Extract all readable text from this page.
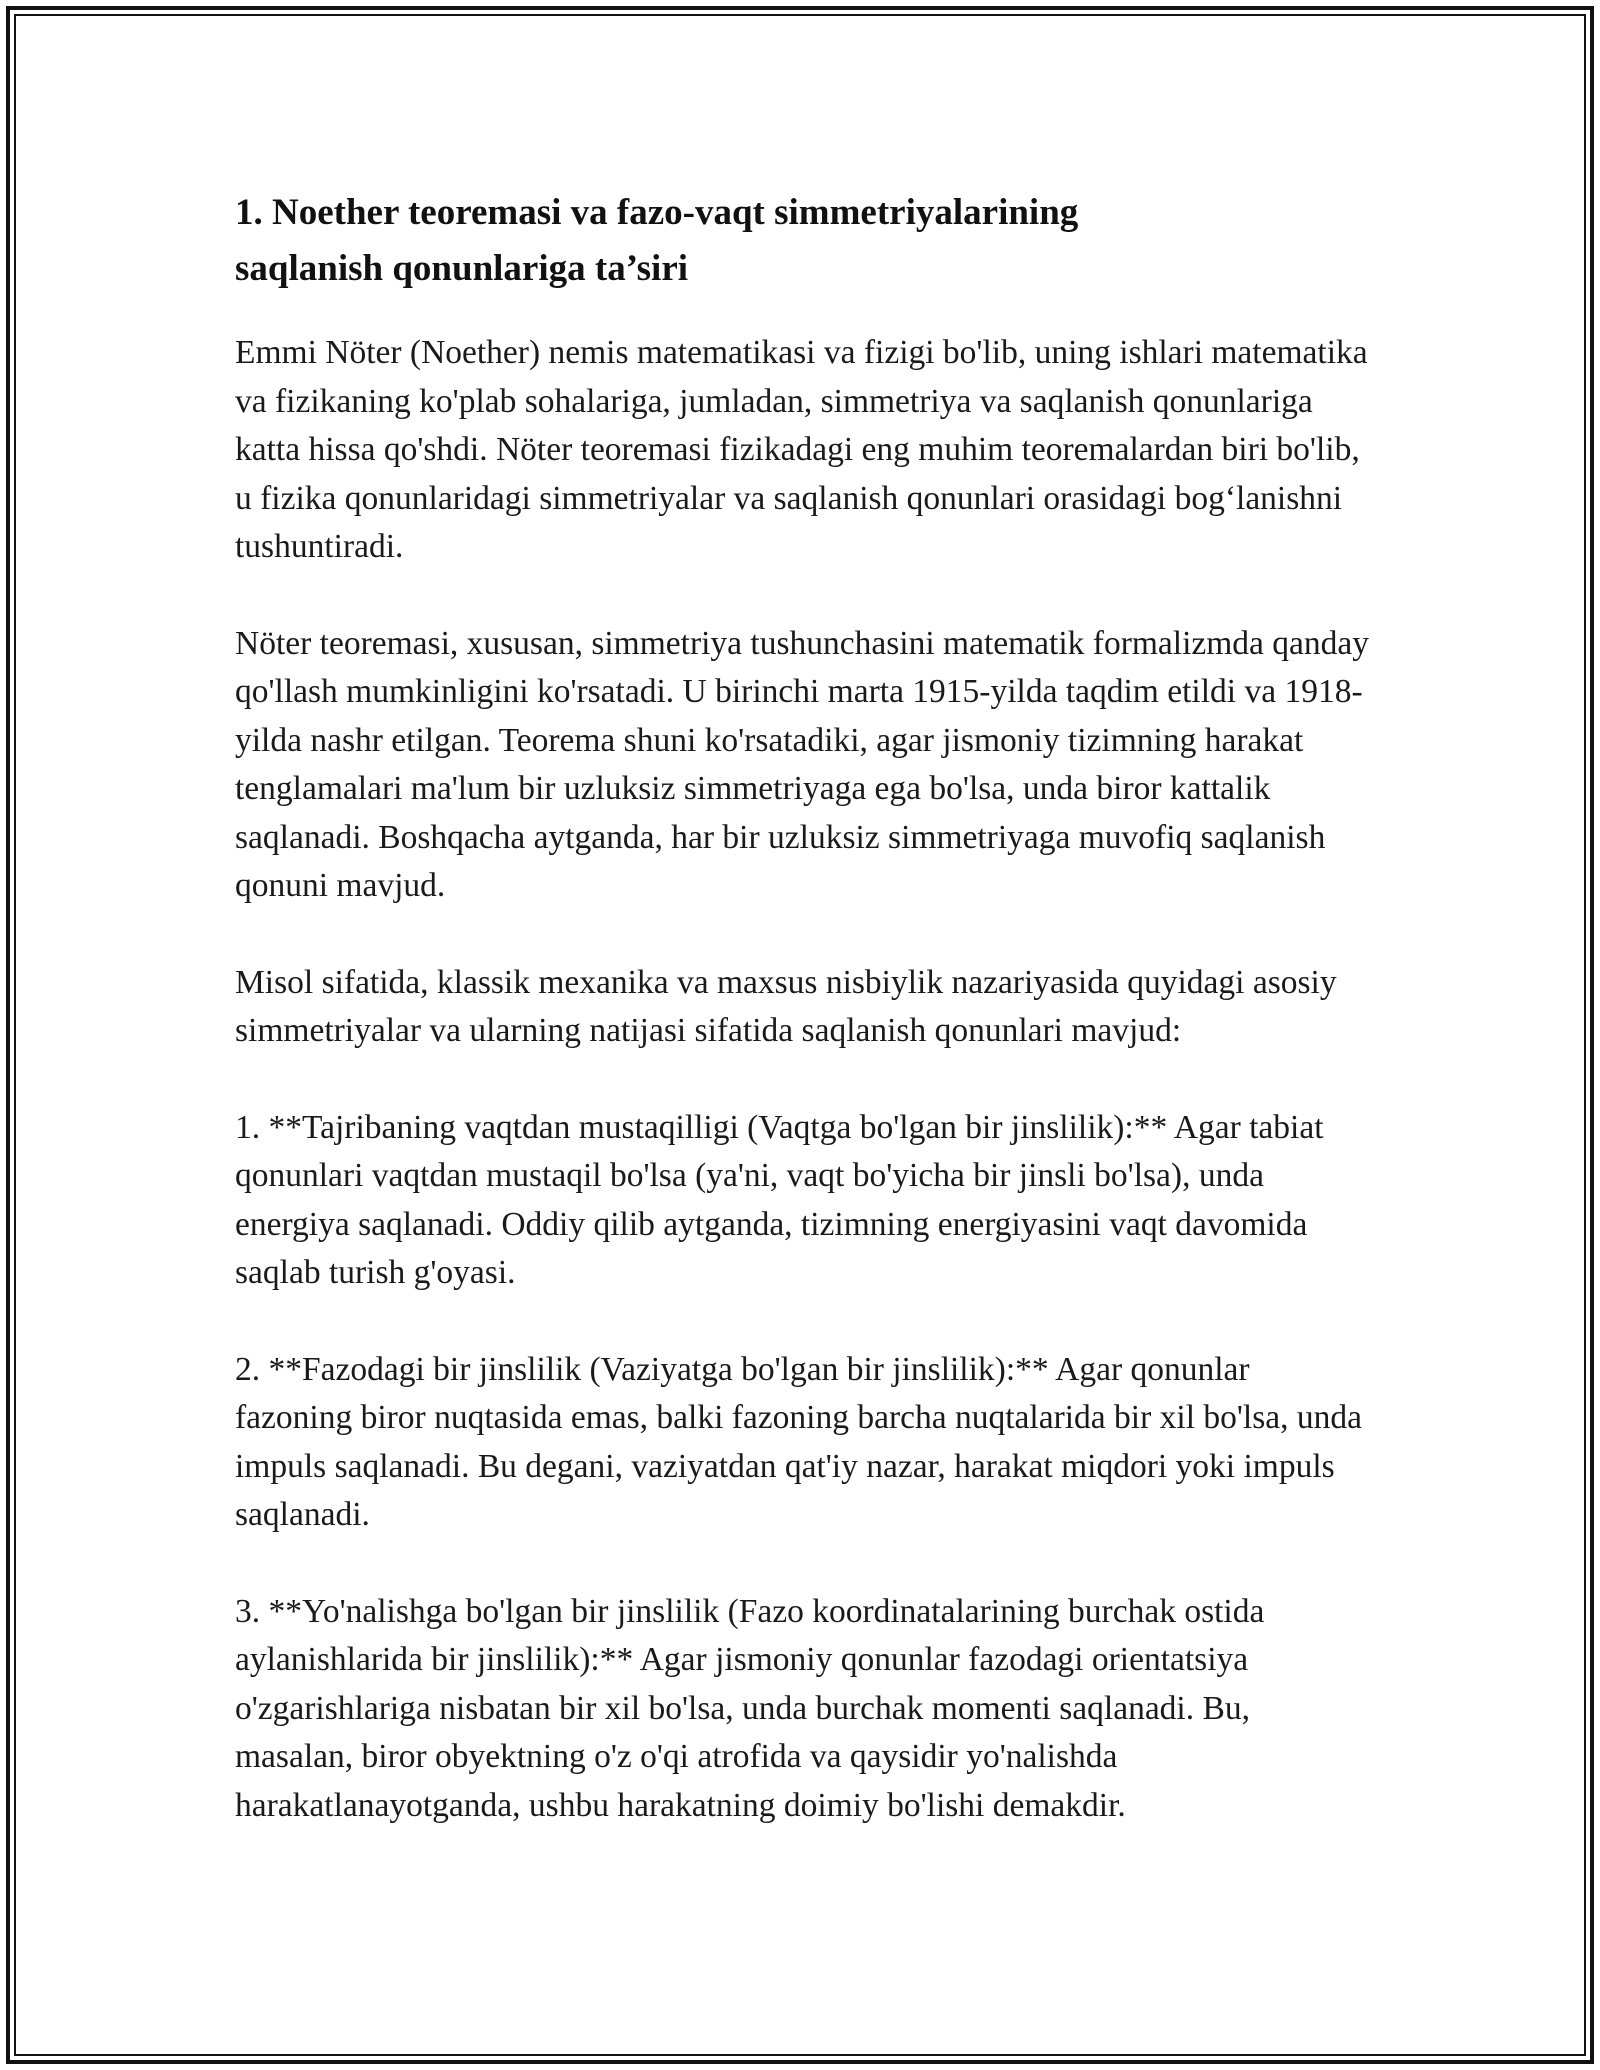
1. Noether teoremasi va fazo-vaqt simmetriyalarining
saqlanish qonunlariga ta’siri

Emmi Nöter (Noether) nemis matematikasi va fizigi bo'lib, uning ishlari matematika va fizikaning ko'plab sohalariga, jumladan, simmetriya va saqlanish qonunlariga katta hissa qo'shdi. Nöter teoremasi fizikadagi eng muhim teoremalardan biri bo'lib, u fizika qonunlaridagi simmetriyalar va saqlanish qonunlari orasidagi bog‘lanishni tushuntiradi.

Nöter teoremasi, xususan, simmetriya tushunchasini matematik formalizmda qanday qo'llash mumkinligini ko'rsatadi. U birinchi marta 1915-yilda taqdim etildi va 1918-yilda nashr etilgan. Teorema shuni ko'rsatadiki, agar jismoniy tizimning harakat tenglamalari ma'lum bir uzluksiz simmetriyaga ega bo'lsa, unda biror kattalik saqlanadi. Boshqacha aytganda, har bir uzluksiz simmetriyaga muvofiq saqlanish qonuni mavjud.

Misol sifatida, klassik mexanika va maxsus nisbiylik nazariyasida quyidagi asosiy simmetriyalar va ularning natijasi sifatida saqlanish qonunlari mavjud:

1. **Tajribaning vaqtdan mustaqilligi (Vaqtga bo'lgan bir jinslilik):** Agar tabiat qonunlari vaqtdan mustaqil bo'lsa (ya'ni, vaqt bo'yicha bir jinsli bo'lsa), unda energiya saqlanadi. Oddiy qilib aytganda, tizimning energiyasini vaqt davomida saqlab turish g'oyasi.

2. **Fazodagi bir jinslilik (Vaziyatga bo'lgan bir jinslilik):** Agar qonunlar fazoning biror nuqtasida emas, balki fazoning barcha nuqtalarida bir xil bo'lsa, unda impuls saqlanadi. Bu degani, vaziyatdan qat'iy nazar, harakat miqdori yoki impuls saqlanadi.

3. **Yo'nalishga bo'lgan bir jinslilik (Fazo koordinatalarining burchak ostida aylanishlarida bir jinslilik):** Agar jismoniy qonunlar fazodagi orientatsiya o'zgarishlariga nisbatan bir xil bo'lsa, unda burchak momenti saqlanadi. Bu, masalan, biror obyektning o'z o'qi atrofida va qaysidir yo'nalishda harakatlanayotganda, ushbu harakatning doimiy bo'lishi demakdir.
